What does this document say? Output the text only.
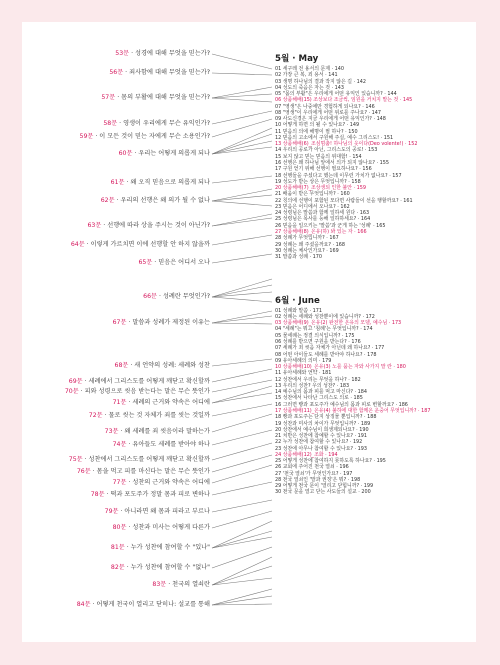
53문 · 성경에 대해 무엇을 믿는가?
56문 · 죄사함에 대해 무엇을 믿는가?
57문 · 몸의 부활에 대해 무엇을 믿는가?
58문 · 영생이 우리에게 무슨 유익인가?
59문 · 이 모든 것이 믿는 자에게 무슨 소용인가?
60문 · 우리는 어떻게 의롭게 되나
61문 · 왜 오직 믿음으로 의롭게 되나
62문 · 우리의 선행은 왜 의가 될 수 없나
63문 · 선행에 따라 상을 주시는 것이 아닌가?
64문 · 이렇게 가르치면 이에 선행할 안 하지 않을까
65문 · 믿음은 어디서 오나
66문 · 성례란 무엇인가?
67문 · 말씀과 성례가 제정된 이유는
68문 · 새 언약의 성례: 세례와 성찬
69문 · 세례에서 그리스도를 어떻게 깨닫고 확신할까
70문 · 피와 성령으로 씻음 받는다는 말은 무슨 뜻인가
71문 · 세례의 근거와 약속은 어디에
72문 · 물로 씻는 것 자체가 죄를 씻는 것일까
73문 · 왜 세례를 죄 씻음이라 말하는가
74문 · 유아들도 세례를 받아야 하나
75문 · 성찬에서 그리스도를 어떻게 깨닫고 확신할까
76문 · 몸을 먹고 피를 마신다는 말은 무슨 뜻인가
77문 · 성찬의 근거와 약속은 어디에
78문 · 떡과 포도주가 정말 몸과 피로 변하나
79문 · 아니라면 왜 몸과 피라고 부르나
80문 · 성찬과 미사는 어떻게 다른가
81문 · 누가 성찬에 참여할 수 "있나"
82문 · 누가 성찬에 참여할 수 "없나"
83문 · 천국의 열쇠란
84문 · 어떻게 천국이 열리고 닫히나: 설교를 통해
5월 · May
01 세구레 전 용서의 문제 · 140
02 가장 큰 복, 죄 용서 · 141
03 생명 하나님의 결과 작지 않은 길 · 142
04 성도의 죽음은 자는 것 · 143
05 "몸의 부활"은 우리에게 어떤 유익인 있습니까? · 144
06 상품해배(15) 조상보다 조금씩, 임원을 거치지 말는 것 · 145
07 "영생"은 나중에만 경험하게 되나요? · 146
08 "영생"이 우리에게 어떤 위로를 주나요? · 147
09 사도신경은 지금 우리에게 어떤 유익인가? · 148
10 어떻게 하면 의 될 수 있나요? · 149
11 믿음의 의에 해명이 필 하나? · 150
12 믿음의 고소에서 구원해 주실, 예수 그리스도! · 151
13 상품해배(6)_조심멈춤! 하나님의 옷이다(Deo volente!) · 152
14 우리의 공로가 아닌, 그리스도의 공로! · 153
15 보지 않고 믿는 믿음의 위대함! · 154
16 선행은 왜 하나님 앞에서 의가 되지 않나요? · 155
17 구원 얻기 위해 선행이 필요하나요? · 156
18 선행들을 주셨다고 했는데 이무런 가치가 없나요? · 157
19 성도가 받는 상은 무엇입니까? · 158
20 상품해배(7)_조상생되 인한 불안 · 159
21 배움이 받은 무엇입니까? · 160
22 칭의에 선행이 포함된 모다면 사람들이 선을 행할까요? · 161
23 믿음은 어디에서 오나요? · 162
24 성령님은 말씀과 함께 일하세 원다 · 163
25 성령님은 목사를 등해 일하하세요? · 164
26 믿음을 일으키는 '말씀'과 군게 하는 '성례' · 165
27 상품해배(8)_온유(하) 봐 있는 자 · 166
28 성례가 무엇입니까? · 167
29 성례는 왜 주셨을까요? · 168
30 성례는 체사인가요? · 169
31 말씀과 성례 · 170
6월 · June
01 성례와 말씀 · 171
02 성례는 세례와 성찬뿐이에 있습니까? · 172
03 상품해배(9)_온유(2) 완전한 온유의 모델, 예수님 · 173
04 "세례"는 뭐고 '침례'는 무엇입니까? · 174
05 물세례는 정결 의식입니까? · 175
06 성례를 받으면 구원을 받는다? · 176
07 세례가 죄 씻음 자체가 아닌데 왜 하나요? · 177
08 어떤 아이들도 세례를 받아야 하나요? · 178
09 유아세례의 의미 · 179
10 상품해배(10)_온유(3) 노를 품는 자와 사가지 말 란 · 180
11 유아세례와 언약 · 181
12 성찬에서 우리는 무엇을 하나? · 182
13 우리의 성찬? 우의 성찬? · 183
14 예수님의 몸과 피를 먹고 마신다? · 184
15 성찬에서 나타난 그리스도 의로 · 185
16 그러면 빵과 포도주가 예수님의 몸과 피로 변할까요? · 186
17 상품해배(11)_온유(4) 불하에 대한 함께온 운중어 무엇입니까? · 187
18 빵과 포도주는 단지 상징물 뿐입니까? · 188
19 성찬과 미사의 차이가 무엇입니까? · 189
20 상찬에서 예수님이 희생제되나요? · 190
21 치반은 성찬에 참예할 수 있나요? · 191
22 누가 성찬에 참여할 수 있나요? · 192
23 성찬에 아무나 참여할 수 있나요? · 193
24 상품해배(12)_조화 · 194
25 어떻게 성찬에 참여하지 못하도록 하나요? · 195
26 교회에 주어진 천국 열쇠 · 196
27 '천국 열쇠'가 무엇인가요? · 197
28 천국 열쇠인 '말과 권징'은 뭐? · 198
29 어떻게 천국 문이 '열리고 닫힙니까? · 199
30 천국 문을 열고 닫는 사도들의 설교 · 200
